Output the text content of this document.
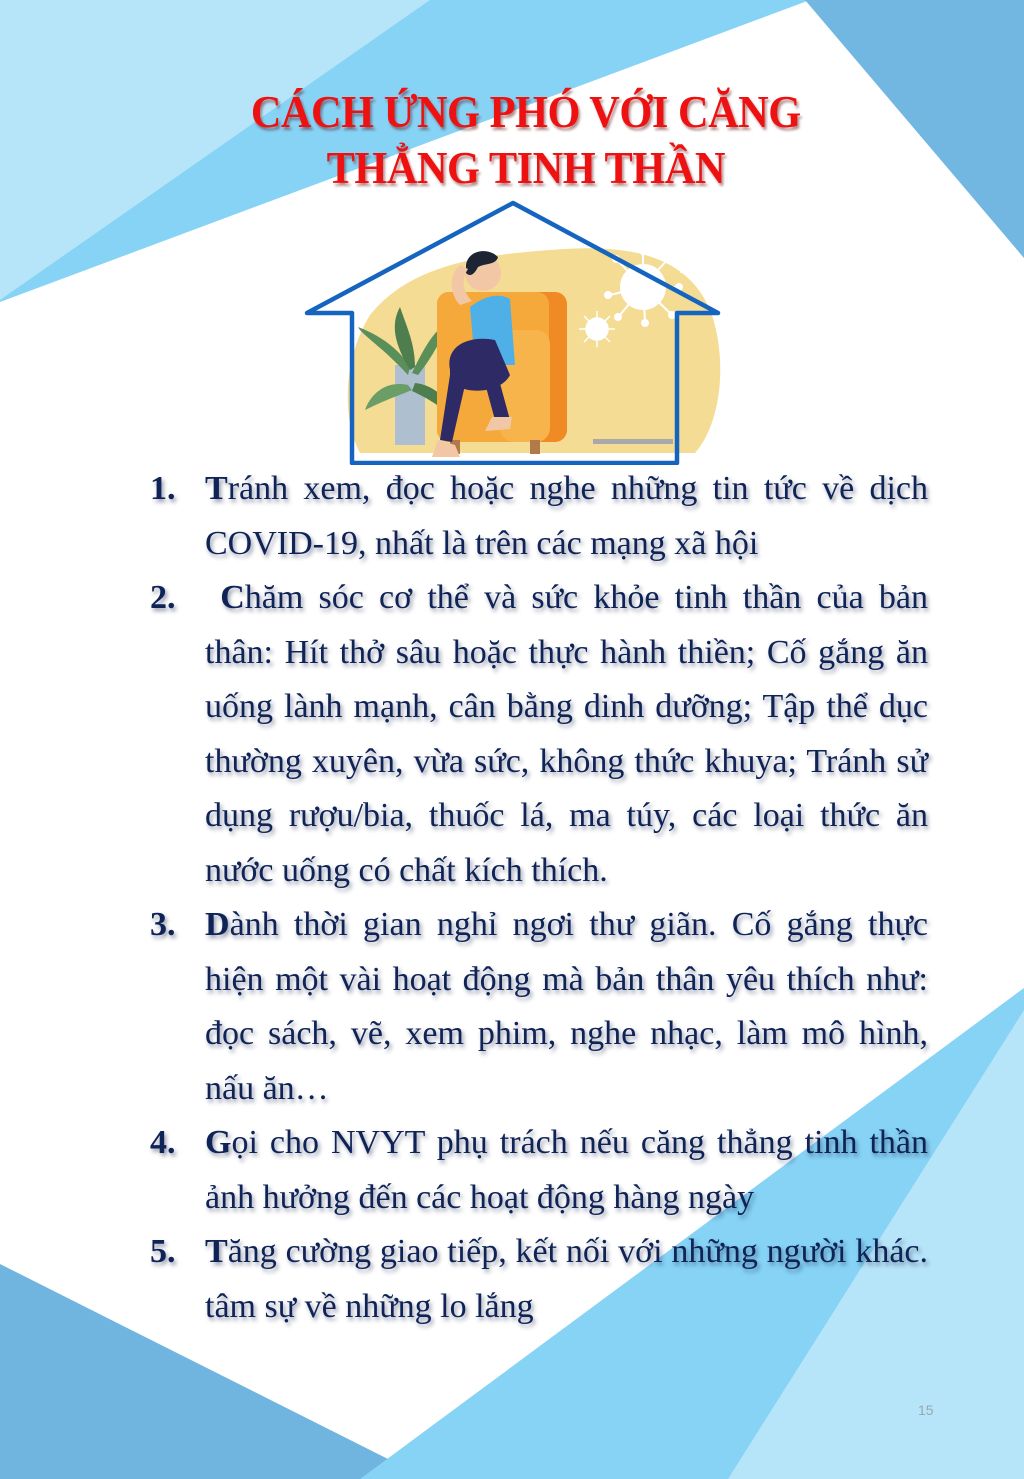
CÁCH ỨNG PHÓ VỚI CĂNG
THẲNG TINH THẦN
1. Tránh xem, đọc hoặc nghe những tin tức về dịch COVID-19, nhất là trên các mạng xã hội
2. Chăm sóc cơ thể và sức khỏe tinh thần của bản thân: Hít thở sâu hoặc thực hành thiền; Cố gắng ăn uống lành mạnh, cân bằng dinh dưỡng; Tập thể dục thường xuyên, vừa sức, không thức khuya; Tránh sử dụng rượu/bia, thuốc lá, ma túy, các loại thức ăn nước uống có chất kích thích.
3. Dành thời gian nghỉ ngơi thư giãn. Cố gắng thực hiện một vài hoạt động mà bản thân yêu thích như: đọc sách, vẽ, xem phim, nghe nhạc, làm mô hình, nấu ăn…
4. Gọi cho NVYT phụ trách nếu căng thẳng tinh thần ảnh hưởng đến các hoạt động hàng ngày
5. Tăng cường giao tiếp, kết nối với những người khác. tâm sự về những lo lắng
15
